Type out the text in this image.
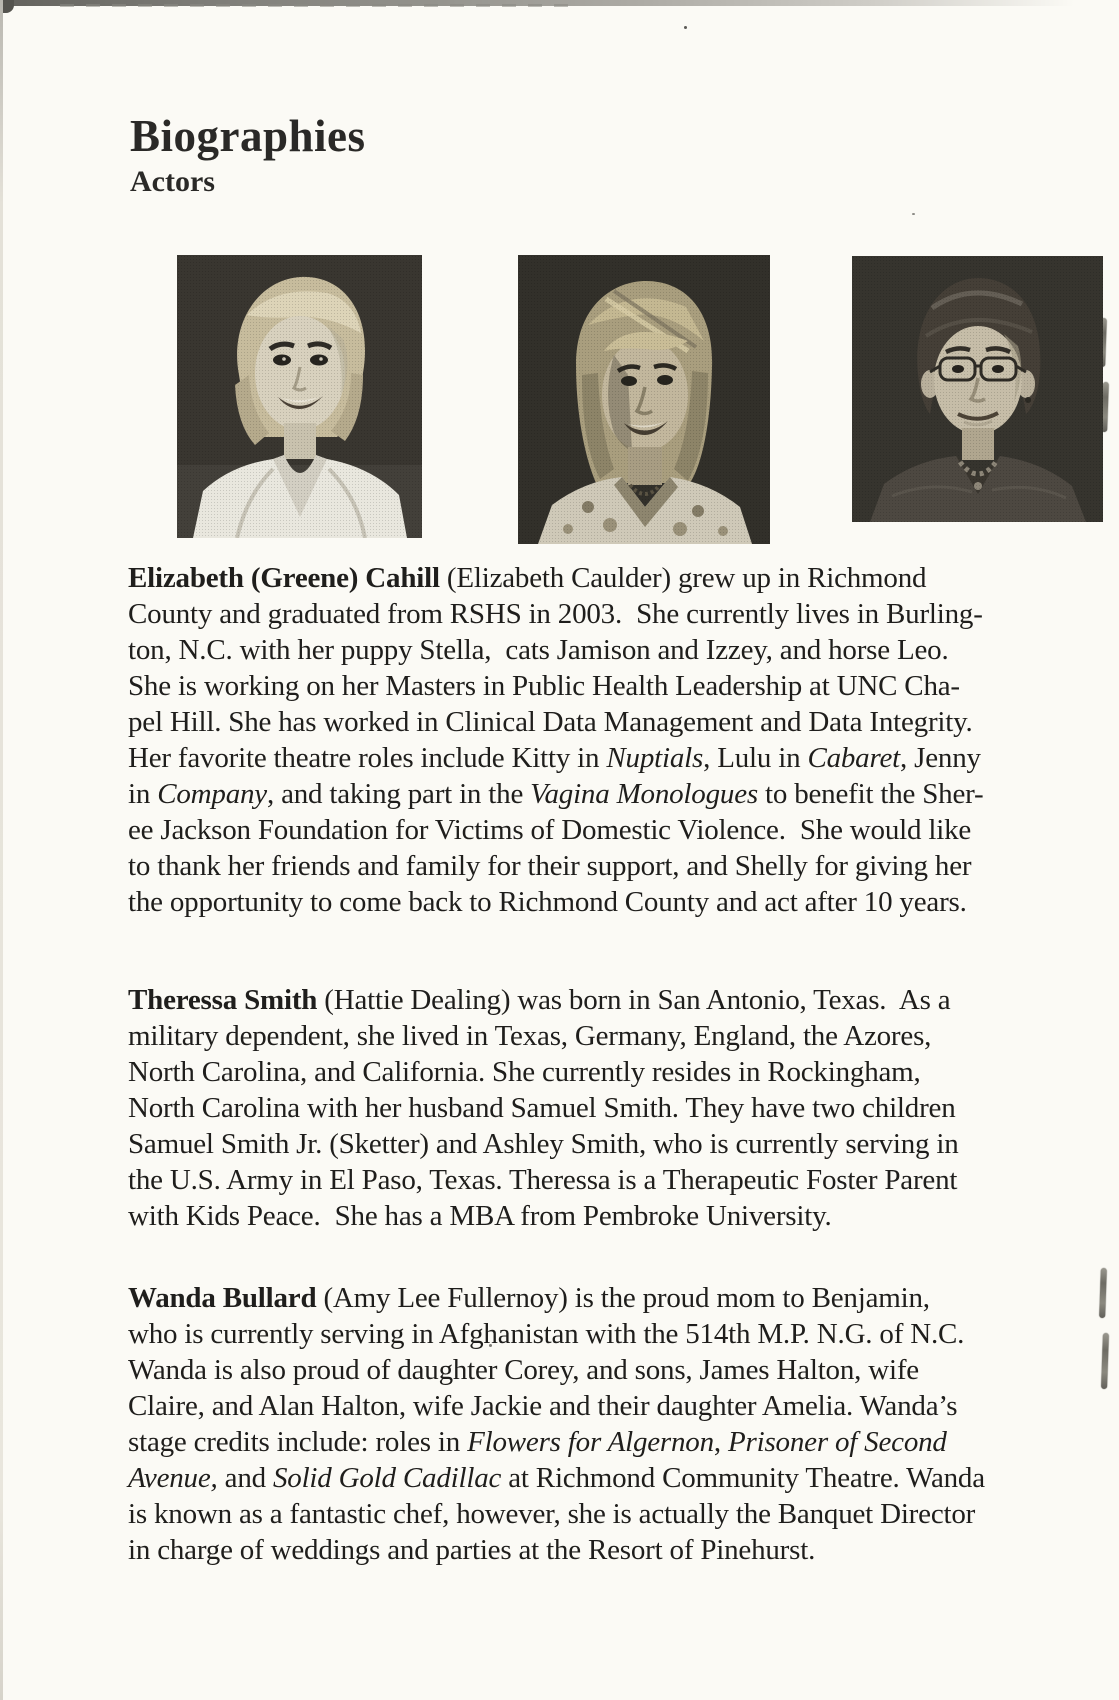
Biographies
Actors
Elizabeth (Greene) Cahill (Elizabeth Caulder) grew up in Richmond
County and graduated from RSHS in 2003.  She currently lives in Burling-
ton, N.C. with her puppy Stella,  cats Jamison and Izzey, and horse Leo.
She is working on her Masters in Public Health Leadership at UNC Cha-
pel Hill. She has worked in Clinical Data Management and Data Integrity.
Her favorite theatre roles include Kitty in Nuptials, Lulu in Cabaret, Jenny
in Company, and taking part in the Vagina Monologues to benefit the Sher-
ee Jackson Foundation for Victims of Domestic Violence.  She would like
to thank her friends and family for their support, and Shelly for giving her
the opportunity to come back to Richmond County and act after 10 years.
Theressa Smith (Hattie Dealing) was born in San Antonio, Texas.  As a
military dependent, she lived in Texas, Germany, England, the Azores,
North Carolina, and California. She currently resides in Rockingham,
North Carolina with her husband Samuel Smith. They have two children
Samuel Smith Jr. (Sketter) and Ashley Smith, who is currently serving in
the U.S. Army in El Paso, Texas. Theressa is a Therapeutic Foster Parent
with Kids Peace.  She has a MBA from Pembroke University.
Wanda Bullard (Amy Lee Fullernoy) is the proud mom to Benjamin,
who is currently serving in Afghanistan with the 514th M.P. N.G. of N.C.
Wanda is also proud of daughter Corey, and sons, James Halton, wife
Claire, and Alan Halton, wife Jackie and their daughter Amelia. Wanda’s
stage credits include: roles in Flowers for Algernon, Prisoner of Second
Avenue, and Solid Gold Cadillac at Richmond Community Theatre. Wanda
is known as a fantastic chef, however, she is actually the Banquet Director
in charge of weddings and parties at the Resort of Pinehurst.
